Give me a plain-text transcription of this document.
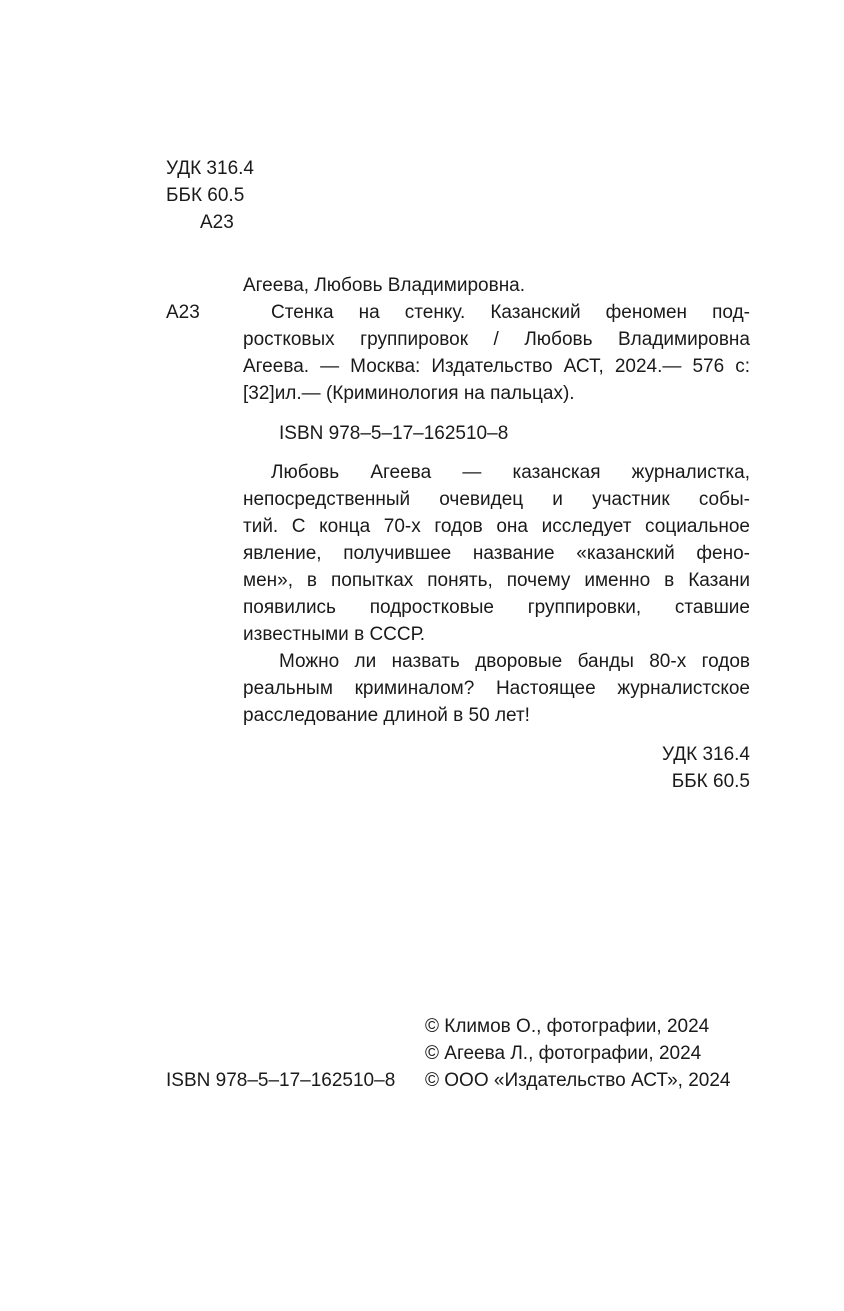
УДК 316.4
ББК 60.5
А23
Агеева, Любовь Владимировна.
А23	Стенка на стенку. Казанский феномен под-
ростковых группировок / Любовь Владимировна
Агеева. — Москва: Издательство АСТ, 2024.— 576 с:
[32]ил.— (Криминология на пальцах).
ISBN 978–5–17–162510–8
Любовь Агеева — казанская журналистка,
непосредственный очевидец и участник собы-
тий. С конца 70-х годов она исследует социальное
явление, получившее название «казанский фено-
мен», в попытках понять, почему именно в Казани
появились подростковые группировки, ставшие
известными в СССР.
Можно ли назвать дворовые банды 80-х годов
реальным криминалом? Настоящее журналистское
расследование длиной в 50 лет!
УДК 316.4
ББК 60.5
© Климов О., фотографии, 2024
© Агеева Л., фотографии, 2024
ISBN 978–5–17–162510–8 © ООО «Издательство АСТ», 2024
